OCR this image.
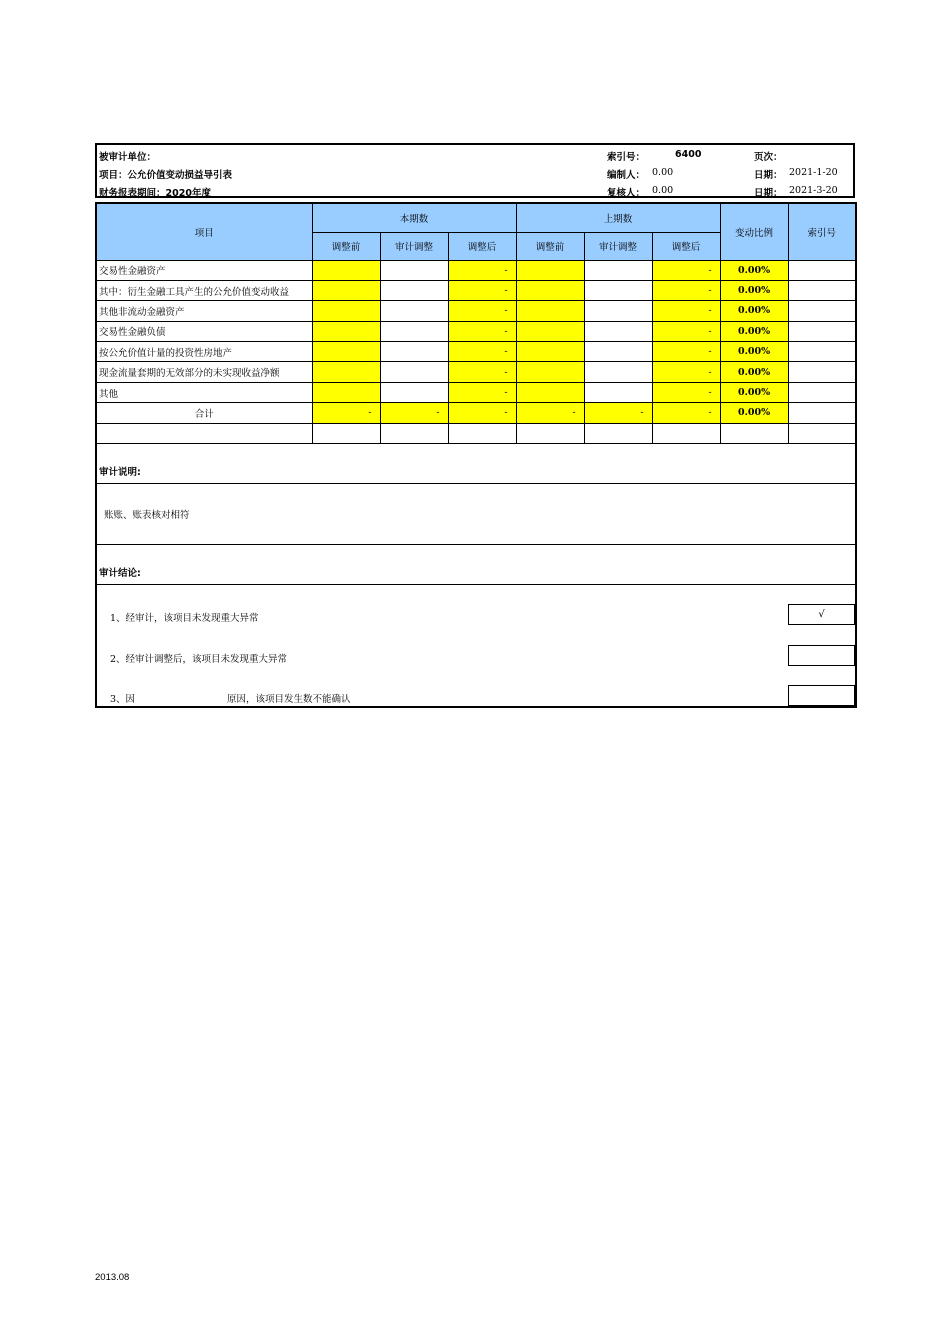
被审计单位：
项目：公允价值变动损益导引表
财务报表期间：2020年度
索引号：	6400
编制人： 0.00
复核人： 0.00
页次：
日期： 2021-1-20
日期： 2021-3-20
项目	本期数			上期数			变动比例	索引号
	调整前	审计调整	调整后	调整前	审计调整	调整后		
交易性金融资产			-			-	0.00%	
其中：衍生金融工具产生的公允价值变动收益			-			-	0.00%	
其他非流动金融资产			-			-	0.00%	
交易性金融负债			-			-	0.00%	
按公允价值计量的投资性房地产			-			-	0.00%	
现金流量套期的无效部分的未实现收益净额			-			-	0.00%	
其他			-			-	0.00%	
合计	-	-	-	-	-	-	0.00%	

审计说明:								
账账、账表核对相符								
审计结论:								

1、经审计，该项目未发现重大异常 √
2、经审计调整后，该项目未发现重大异常
3、因 原因，该项目发生数不能确认								
2013.08
